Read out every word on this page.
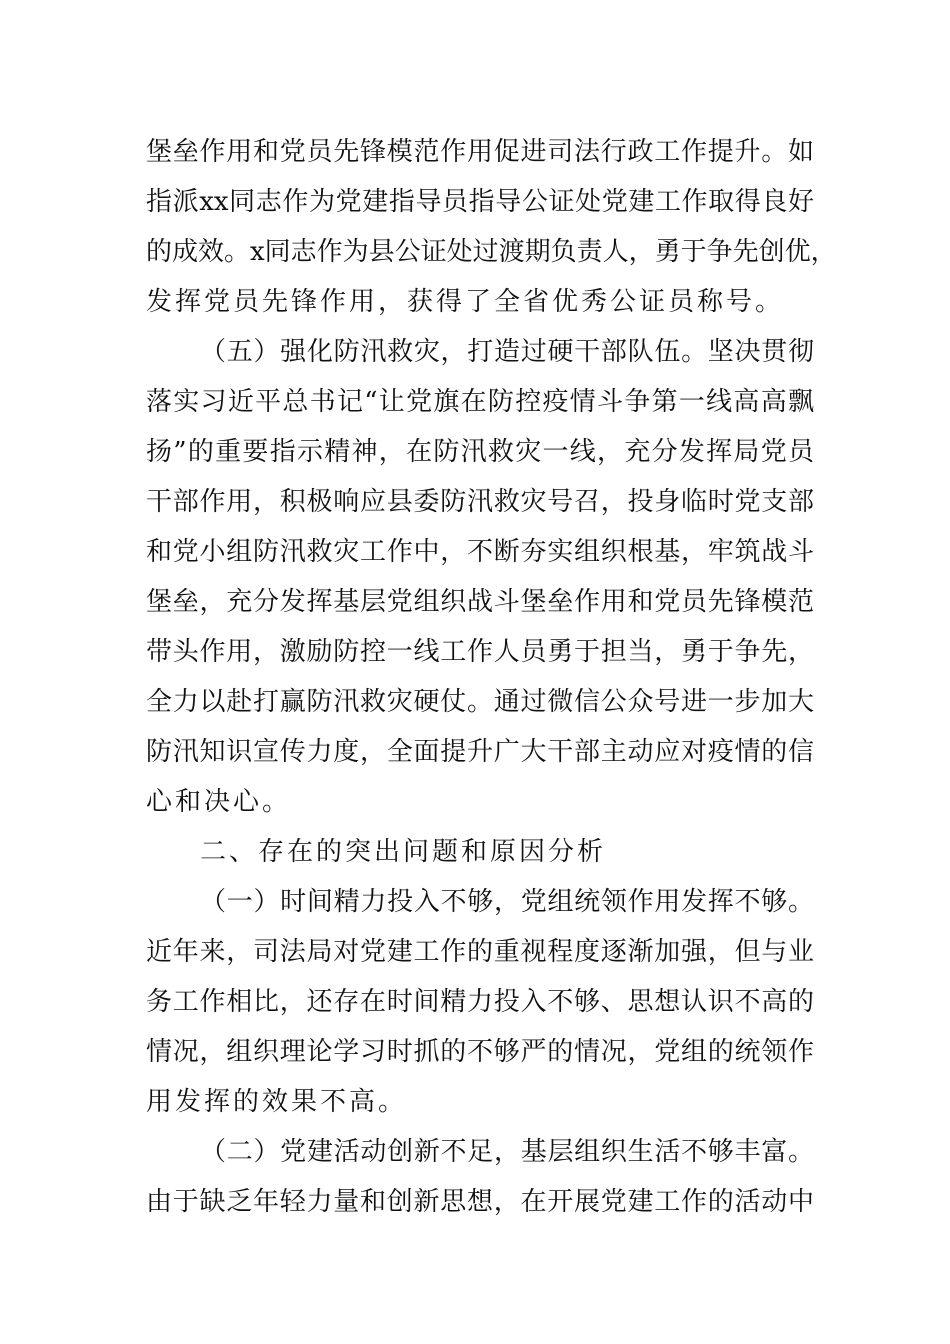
堡垒作用和党员先锋模范作用促进司法行政工作提升。如
指派xx同志作为党建指导员指导公证处党建工作取得良好
的成效。x同志作为县公证处过渡期负责人，勇于争先创优，
发挥党员先锋作用，获得了全省优秀公证员称号。
（五）强化防汛救灾，打造过硬干部队伍。坚决贯彻
落实习近平总书记“让党旗在防控疫情斗争第一线高高飘
扬”的重要指示精神，在防汛救灾一线，充分发挥局党员
干部作用，积极响应县委防汛救灾号召，投身临时党支部
和党小组防汛救灾工作中，不断夯实组织根基，牢筑战斗
堡垒，充分发挥基层党组织战斗堡垒作用和党员先锋模范
带头作用，激励防控一线工作人员勇于担当，勇于争先，
全力以赴打赢防汛救灾硬仗。通过微信公众号进一步加大
防汛知识宣传力度，全面提升广大干部主动应对疫情的信
心和决心。
二、存在的突出问题和原因分析
（一）时间精力投入不够，党组统领作用发挥不够。
近年来，司法局对党建工作的重视程度逐渐加强，但与业
务工作相比，还存在时间精力投入不够、思想认识不高的
情况，组织理论学习时抓的不够严的情况，党组的统领作
用发挥的效果不高。
（二）党建活动创新不足，基层组织生活不够丰富。
由于缺乏年轻力量和创新思想，在开展党建工作的活动中
